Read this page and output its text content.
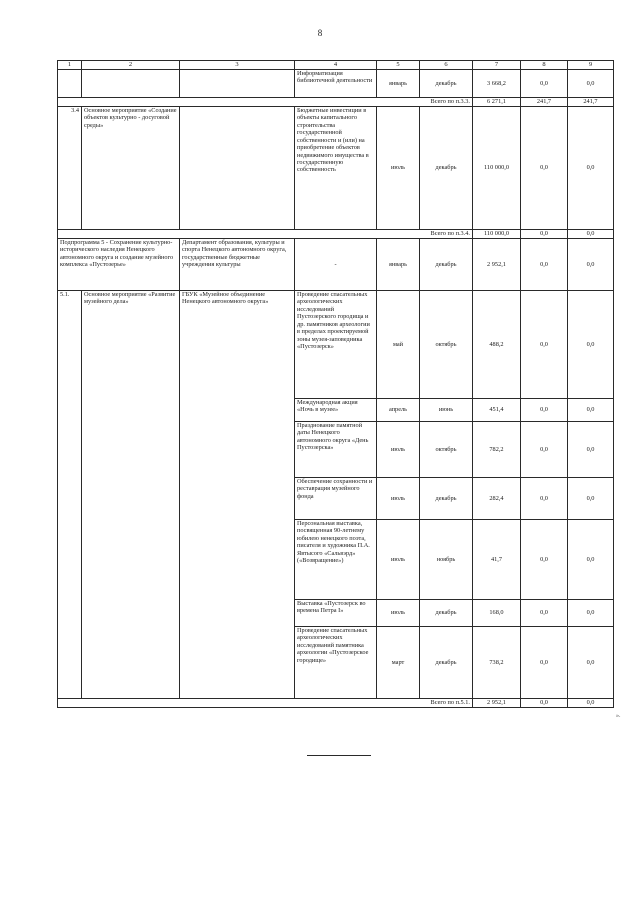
8
1	2	3	4	5	6	7	8	9
			Информатизация библиотечной деятельности	январь	декабрь	3 668,2	0,0	0,0
Всего по п.3.3.						6 271,1	241,7	241,7
3.4	Основное мероприятие «Создание объектов культурно - досуговой среды»		Бюджетные инвестиции в объекты капитального строительства государственной собственности и (или) на приобретение объектов недвижимого имущества в государственную собственность	июль	декабрь	110 000,0	0,0	0,0
Всего по п.3.4.						110 000,0	0,0	0,0
Подпрограмма 5 - Сохранение культурно-исторического наследия Ненецкого автономного округа и создание музейного комплекса «Пустозерье»		Департамент образования, культуры и спорта Ненецкого автономного округа, государственные бюджетные учреждения культуры	-	январь	декабрь	2 952,1	0,0	0,0
5.1.	Основное мероприятие «Развитие музейного дела»	ГБУК «Музейное объединение Ненецкого автономного округа»	Проведение спасательных археологических исследований Пустозерского городища и др. памятников археологии в пределах проектируемой зоны музея-заповедника «Пустозерск»	май	октябрь	488,2	0,0	0,0
			Международная акция «Ночь в музее»	апрель	июнь	451,4	0,0	0,0
			Празднование памятной даты Ненецкого автономного округа «День Пустозерска»	июль	октябрь	782,2	0,0	0,0
			Обеспечение сохранности и реставрация музейного фонда	июль	декабрь	282,4	0,0	0,0
			Персональная выставка, посвященная 90-летнему юбилею ненецкого поэта, писателя и художника П.А. Явтысого «Сальвэрд» («Возвращение»)	июль	ноябрь	41,7	0,0	0,0
			Выставка «Пустозерск во времена Петра I»	июль	декабрь	168,0	0,0	0,0
			Проведение спасательных археологических исследований памятника археологии «Пустозерское городище»	март	декабрь	738,2	0,0	0,0
Всего по п.5.1.						2 952,1	0,0	0,0
».
